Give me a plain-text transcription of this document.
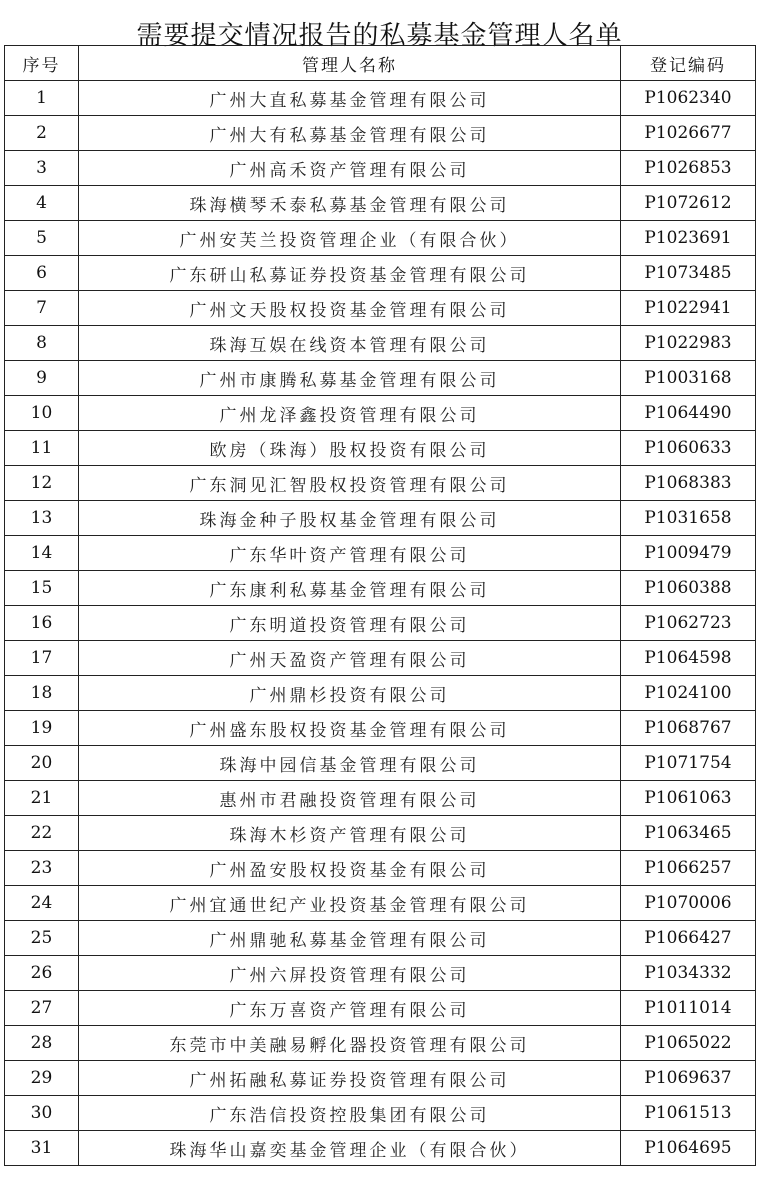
需要提交情况报告的私募基金管理人名单
序号	管理人名称	登记编码
1	广州大直私募基金管理有限公司	P1062340
2	广州大有私募基金管理有限公司	P1026677
3	广州高禾资产管理有限公司	P1026853
4	珠海横琴禾泰私募基金管理有限公司	P1072612
5	广州安芙兰投资管理企业（有限合伙）	P1023691
6	广东研山私募证券投资基金管理有限公司	P1073485
7	广州文天股权投资基金管理有限公司	P1022941
8	珠海互娱在线资本管理有限公司	P1022983
9	广州市康腾私募基金管理有限公司	P1003168
10	广州龙泽鑫投资管理有限公司	P1064490
11	欧房（珠海）股权投资有限公司	P1060633
12	广东洞见汇智股权投资管理有限公司	P1068383
13	珠海金种子股权基金管理有限公司	P1031658
14	广东华叶资产管理有限公司	P1009479
15	广东康利私募基金管理有限公司	P1060388
16	广东明道投资管理有限公司	P1062723
17	广州天盈资产管理有限公司	P1064598
18	广州鼎杉投资有限公司	P1024100
19	广州盛东股权投资基金管理有限公司	P1068767
20	珠海中园信基金管理有限公司	P1071754
21	惠州市君融投资管理有限公司	P1061063
22	珠海木杉资产管理有限公司	P1063465
23	广州盈安股权投资基金有限公司	P1066257
24	广州宜通世纪产业投资基金管理有限公司	P1070006
25	广州鼎驰私募基金管理有限公司	P1066427
26	广州六屏投资管理有限公司	P1034332
27	广东万喜资产管理有限公司	P1011014
28	东莞市中美融易孵化器投资管理有限公司	P1065022
29	广州拓融私募证券投资管理有限公司	P1069637
30	广东浩信投资控股集团有限公司	P1061513
31	珠海华山嘉奕基金管理企业（有限合伙）	P1064695
